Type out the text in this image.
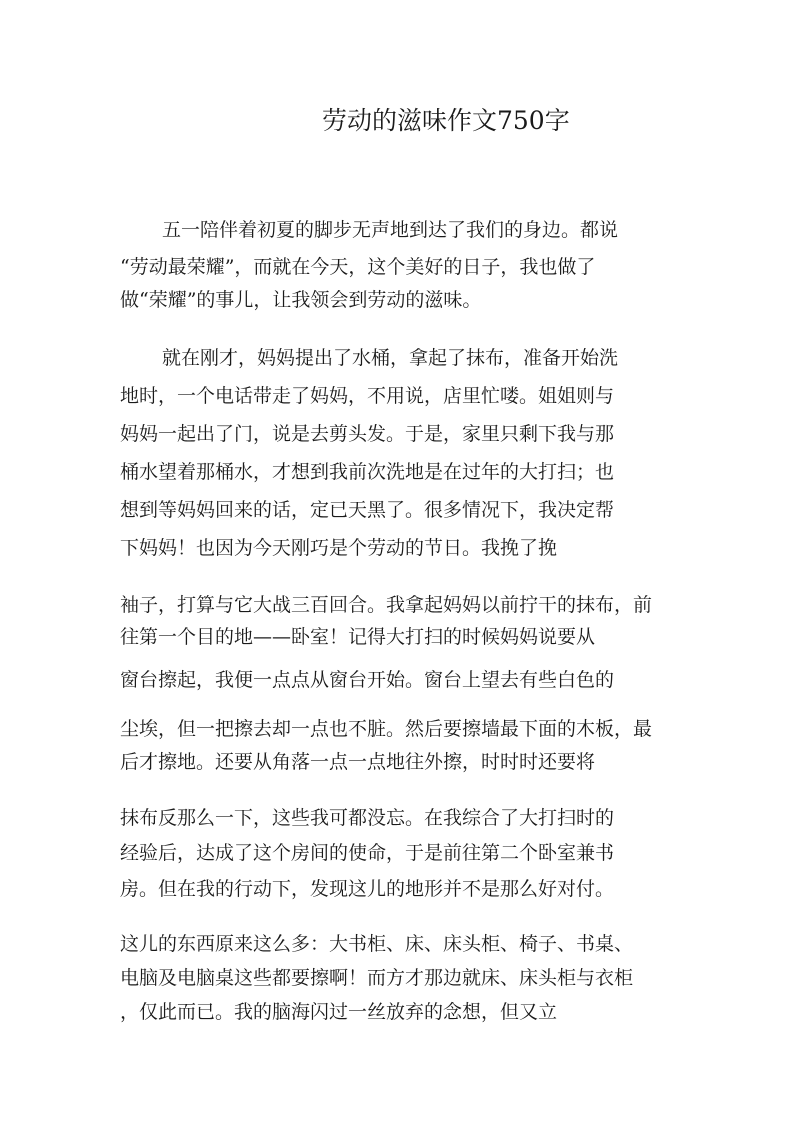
劳动的滋味作文750字
五一陪伴着初夏的脚步无声地到达了我们的身边。都说
“劳动最荣耀”，而就在今天，这个美好的日子，我也做了
做“荣耀”的事儿，让我领会到劳动的滋味。
就在刚才，妈妈提出了水桶，拿起了抹布，准备开始洗
地时，一个电话带走了妈妈，不用说，店里忙喽。姐姐则与
妈妈一起出了门，说是去剪头发。于是，家里只剩下我与那
桶水望着那桶水，才想到我前次洗地是在过年的大打扫；也
想到等妈妈回来的话，定已天黑了。很多情况下，我决定帮
下妈妈！也因为今天刚巧是个劳动的节日。我挽了挽
袖子，打算与它大战三百回合。我拿起妈妈以前拧干的抹布，前
往第一个目的地——卧室！记得大打扫的时候妈妈说要从
窗台擦起，我便一点点从窗台开始。窗台上望去有些白色的
尘埃，但一把擦去却一点也不脏。然后要擦墙最下面的木板，最
后才擦地。还要从角落一点一点地往外擦，时时时还要将
抹布反那么一下，这些我可都没忘。在我综合了大打扫时的
经验后，达成了这个房间的使命，于是前往第二个卧室兼书
房。但在我的行动下，发现这儿的地形并不是那么好对付。
这儿的东西原来这么多：大书柜、床、床头柜、椅子、书桌、
电脑及电脑桌这些都要擦啊！而方才那边就床、床头柜与衣柜
，仅此而已。我的脑海闪过一丝放弃的念想，但又立
